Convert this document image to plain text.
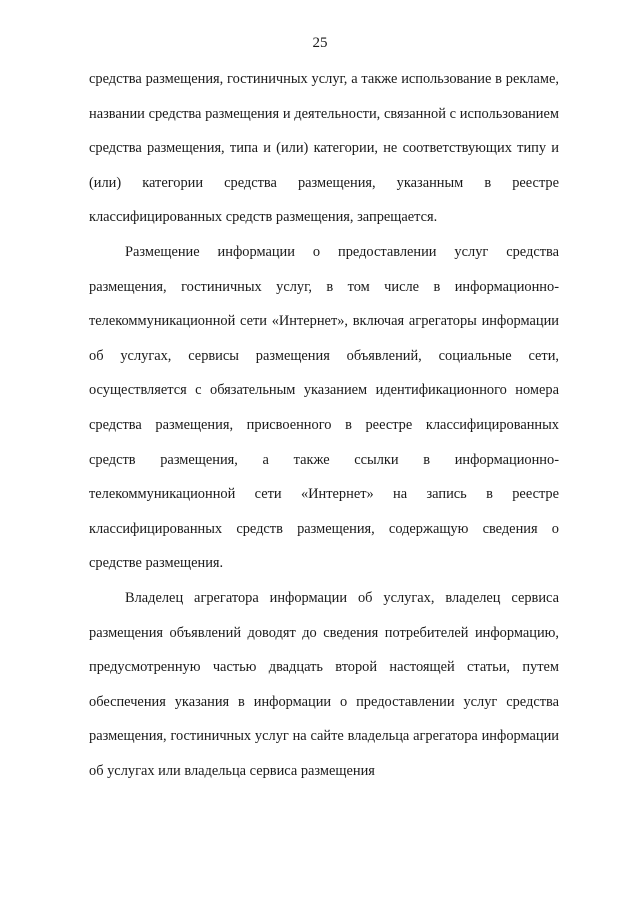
25

средства размещения, гостиничных услуг, а также использование в рекламе, названии средства размещения и деятельности, связанной с использованием средства размещения, типа и (или) категории, не соответствующих типу и (или) категории средства размещения, указанным в реестре классифицированных средств размещения, запрещается.

Размещение информации о предоставлении услуг средства размещения, гостиничных услуг, в том числе в информационно-телекоммуникационной сети «Интернет», включая агрегаторы информации об услугах, сервисы размещения объявлений, социальные сети, осуществляется с обязательным указанием идентификационного номера средства размещения, присвоенного в реестре классифицированных средств размещения, а также ссылки в информационно-телекоммуникационной сети «Интернет» на запись в реестре классифицированных средств размещения, содержащую сведения о средстве размещения.

Владелец агрегатора информации об услугах, владелец сервиса размещения объявлений доводят до сведения потребителей информацию, предусмотренную частью двадцать второй настоящей статьи, путем обеспечения указания в информации о предоставлении услуг средства размещения, гостиничных услуг на сайте владельца агрегатора информации об услугах или владельца сервиса размещения
